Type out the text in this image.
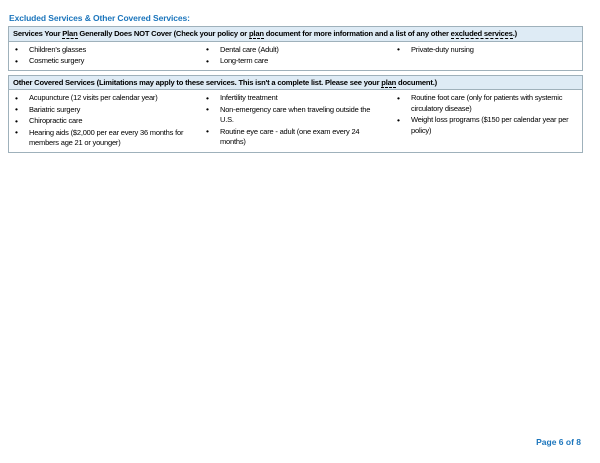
Excluded Services & Other Covered Services:
Services Your Plan Generally Does NOT Cover (Check your policy or plan document for more information and a list of any other excluded services.)
• Children's glasses
• Cosmetic surgery
• Dental care (Adult)
• Long-term care
• Private-duty nursing
Other Covered Services (Limitations may apply to these services. This isn't a complete list. Please see your plan document.)
• Acupuncture (12 visits per calendar year)
• Bariatric surgery
• Chiropractic care
• Hearing aids ($2,000 per ear every 36 months for members age 21 or younger)
• Infertility treatment
• Non-emergency care when traveling outside the U.S.
• Routine eye care - adult (one exam every 24 months)
• Routine foot care (only for patients with systemic circulatory disease)
• Weight loss programs ($150 per calendar year per policy)
Page 6 of 8
